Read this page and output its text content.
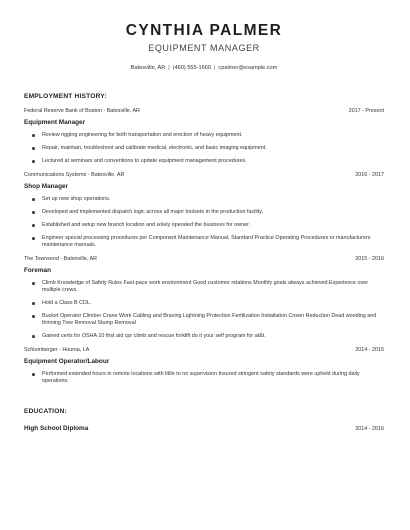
CYNTHIA PALMER
EQUIPMENT MANAGER
Batesville, AR | (460) 555-1660 | cpalmer@example.com
EMPLOYMENT HISTORY:
Federal Reserve Bank of Boston - Batesville, AR	2017 - Present
Equipment Manager
Review rigging engineering for both transportation and erection of heavy equipment.
Repair, maintain, troubleshoot and calibrate medical, electronic, and basic imaging equipment.
Lectured at seminars and conventions to update equipment management procedures.
Communications Systems - Batesville, AR	2016 - 2017
Shop Manager
Set up new shop operations.
Developed and implemented dispatch logic across all major toolsets in the production facility.
Established and setup new branch location and solely operated the business for owner.
Engineer special processing procedures per Component Maintenance Manual, Standard Practice Operating Procedures or manufacturers maintenance manuals.
The Townsend - Batesville, AR	2015 - 2016
Foreman
Climb Knowledge of Safety Rules Fast-pace work environment Good customer relations Monthly goals always achieved.Experience over multiple crews.
Hold a Class B CDL.
Bucket Operator Climber Crane Work Cabling and Bracing Lightning Protection Fertilization Installation Crown Reduction Dead wooding and thinning Tree Removal Stump Removal
Gained certs for OSHA 10 first aid cpr climb and rescue forklift do it your self program for at&t.
Schlumberger - Houma, LA	2014 - 2015
Equipment Operator/Labour
Performed extended hours in remote locations with little to no supervision Insured stringent safety standards were upheld during daily operations.
EDUCATION:
High School Diploma	2014 - 2016
